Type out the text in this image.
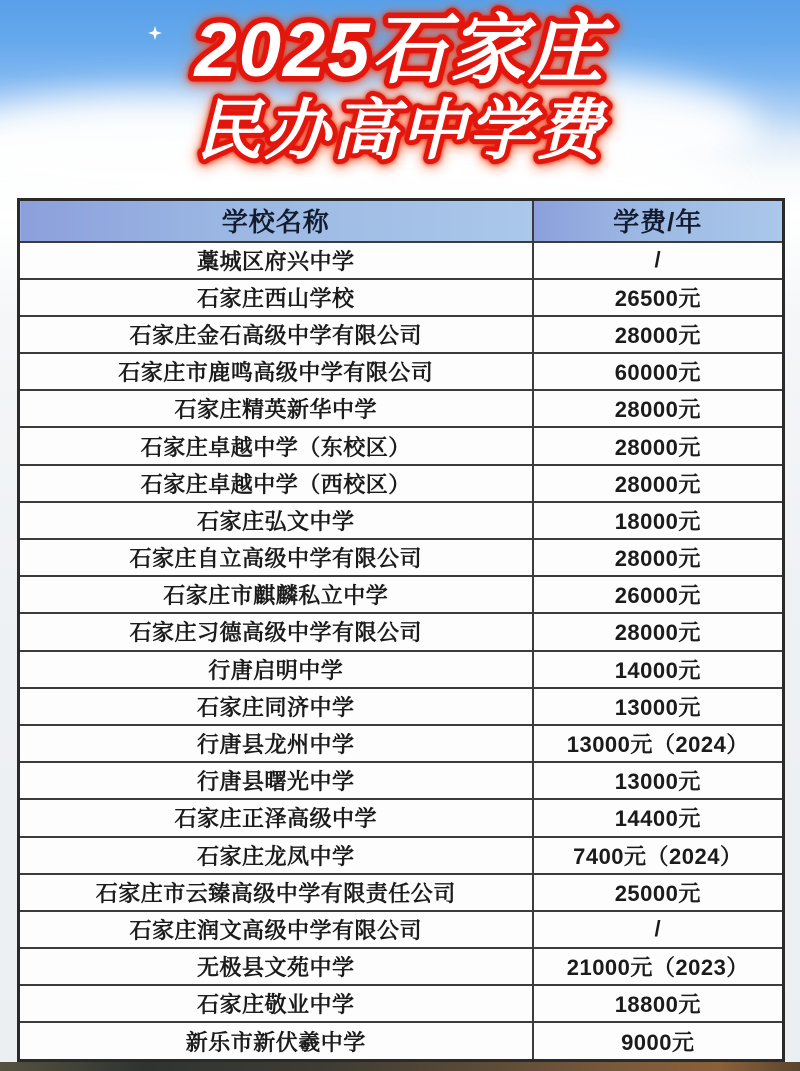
2025石家庄
民办高中学费
学校名称	学费/年
藁城区府兴中学	/
石家庄西山学校	26500元
石家庄金石高级中学有限公司	28000元
石家庄市鹿鸣高级中学有限公司	60000元
石家庄精英新华中学	28000元
石家庄卓越中学（东校区）	28000元
石家庄卓越中学（西校区）	28000元
石家庄弘文中学	18000元
石家庄自立高级中学有限公司	28000元
石家庄市麒麟私立中学	26000元
石家庄习德高级中学有限公司	28000元
行唐启明中学	14000元
石家庄同济中学	13000元
行唐县龙州中学	13000元（2024）
行唐县曙光中学	13000元
石家庄正泽高级中学	14400元
石家庄龙凤中学	7400元（2024）
石家庄市云臻高级中学有限责任公司	25000元
石家庄润文高级中学有限公司	/
无极县文苑中学	21000元（2023）
石家庄敬业中学	18800元
新乐市新伏羲中学	9000元
